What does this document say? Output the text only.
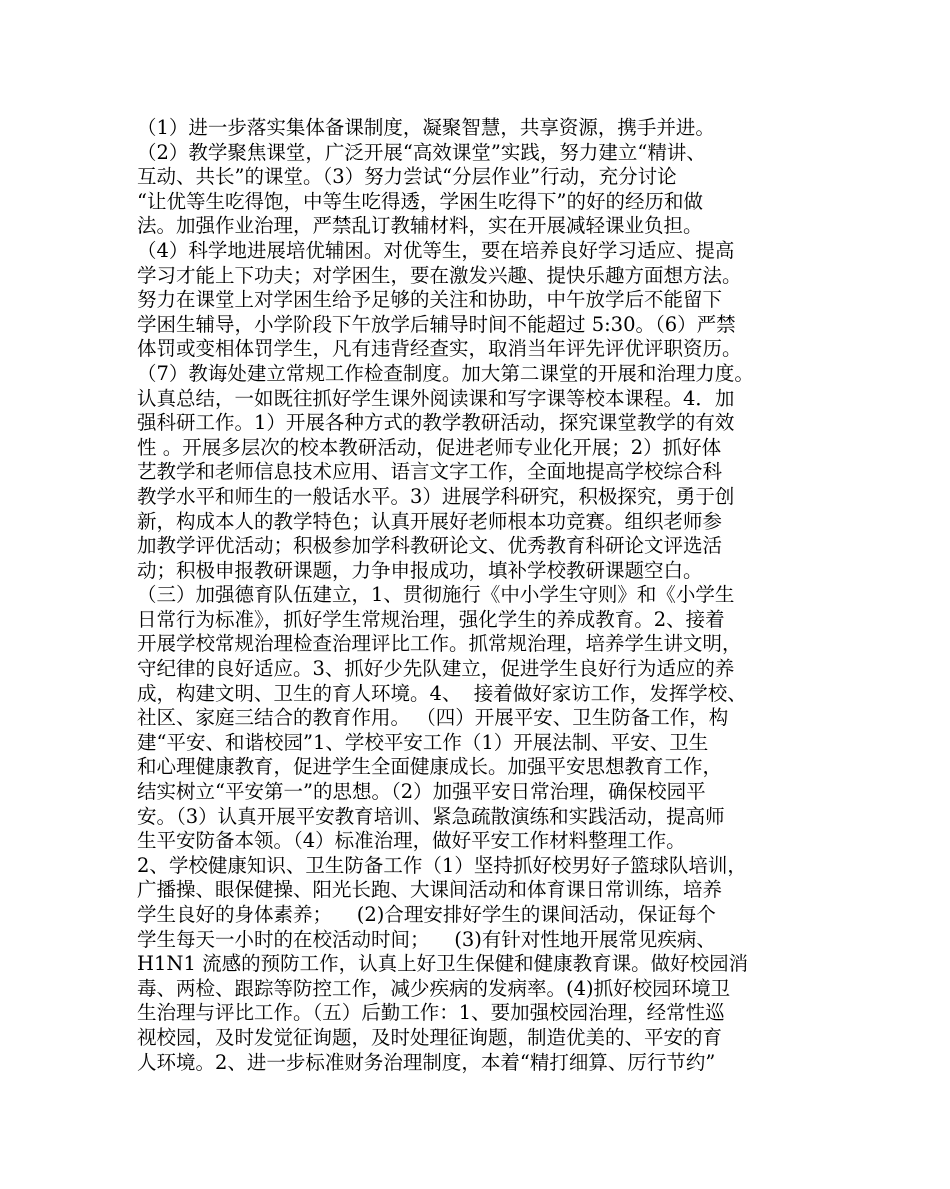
（1）进一步落实集体备课制度，凝聚智慧，共享资源，携手并进。
（2）教学聚焦课堂，广泛开展“高效课堂”实践，努力建立“精讲、
互动、共长”的课堂。（3）努力尝试“分层作业”行动，充分讨论
“让优等生吃得饱，中等生吃得透，学困生吃得下”的好的经历和做
法。加强作业治理，严禁乱订教辅材料，实在开展减轻课业负担。
（4）科学地进展培优辅困。对优等生，要在培养良好学习适应、提高
学习才能上下功夫；对学困生，要在激发兴趣、提快乐趣方面想方法。
努力在课堂上对学困生给予足够的关注和协助，中午放学后不能留下
学困生辅导，小学阶段下午放学后辅导时间不能超过 5:30。（6）严禁
体罚或变相体罚学生，凡有违背经查实，取消当年评先评优评职资历。
（7）教诲处建立常规工作检查制度。加大第二课堂的开展和治理力度。
认真总结，一如既往抓好学生课外阅读课和写字课等校本课程。4．加
强科研工作。1）开展各种方式的教学教研活动，探究课堂教学的有效
性 。开展多层次的校本教研活动，促进老师专业化开展；2）抓好体
艺教学和老师信息技术应用、语言文字工作，全面地提高学校综合科
教学水平和师生的一般话水平。3）进展学科研究，积极探究，勇于创
新，构成本人的教学特色；认真开展好老师根本功竞赛。组织老师参
加教学评优活动；积极参加学科教研论文、优秀教育科研论文评选活
动；积极申报教研课题，力争申报成功，填补学校教研课题空白。
（三）加强德育队伍建立，1、贯彻施行《中小学生守则》和《小学生
日常行为标准》，抓好学生常规治理，强化学生的养成教育。2、接着
开展学校常规治理检查治理评比工作。抓常规治理，培养学生讲文明，
守纪律的良好适应。3、抓好少先队建立，促进学生良好行为适应的养
成，构建文明、卫生的育人环境。4、  接着做好家访工作，发挥学校、
社区、家庭三结合的教育作用。 （四）开展平安、卫生防备工作，构
建“平安、和谐校园”1、学校平安工作（1）开展法制、平安、卫生
和心理健康教育，促进学生全面健康成长。加强平安思想教育工作，
结实树立“平安第一”的思想。（2）加强平安日常治理，确保校园平
安。（3）认真开展平安教育培训、紧急疏散演练和实践活动，提高师
生平安防备本领。（4）标准治理，做好平安工作材料整理工作。
2、学校健康知识、卫生防备工作（1）坚持抓好校男好子篮球队培训，
广播操、眼保健操、阳光长跑、大课间活动和体育课日常训练，培养
学生良好的身体素养；    (2)合理安排好学生的课间活动，保证每个
学生每天一小时的在校活动时间；    (3)有针对性地开展常见疾病、
H1N1 流感的预防工作，认真上好卫生保健和健康教育课。做好校园消
毒、两检、跟踪等防控工作，减少疾病的发病率。(4)抓好校园环境卫
生治理与评比工作。（五）后勤工作：1、要加强校园治理，经常性巡
视校园，及时发觉征询题，及时处理征询题，制造优美的、平安的育
人环境。2、进一步标准财务治理制度，本着“精打细算、厉行节约”
